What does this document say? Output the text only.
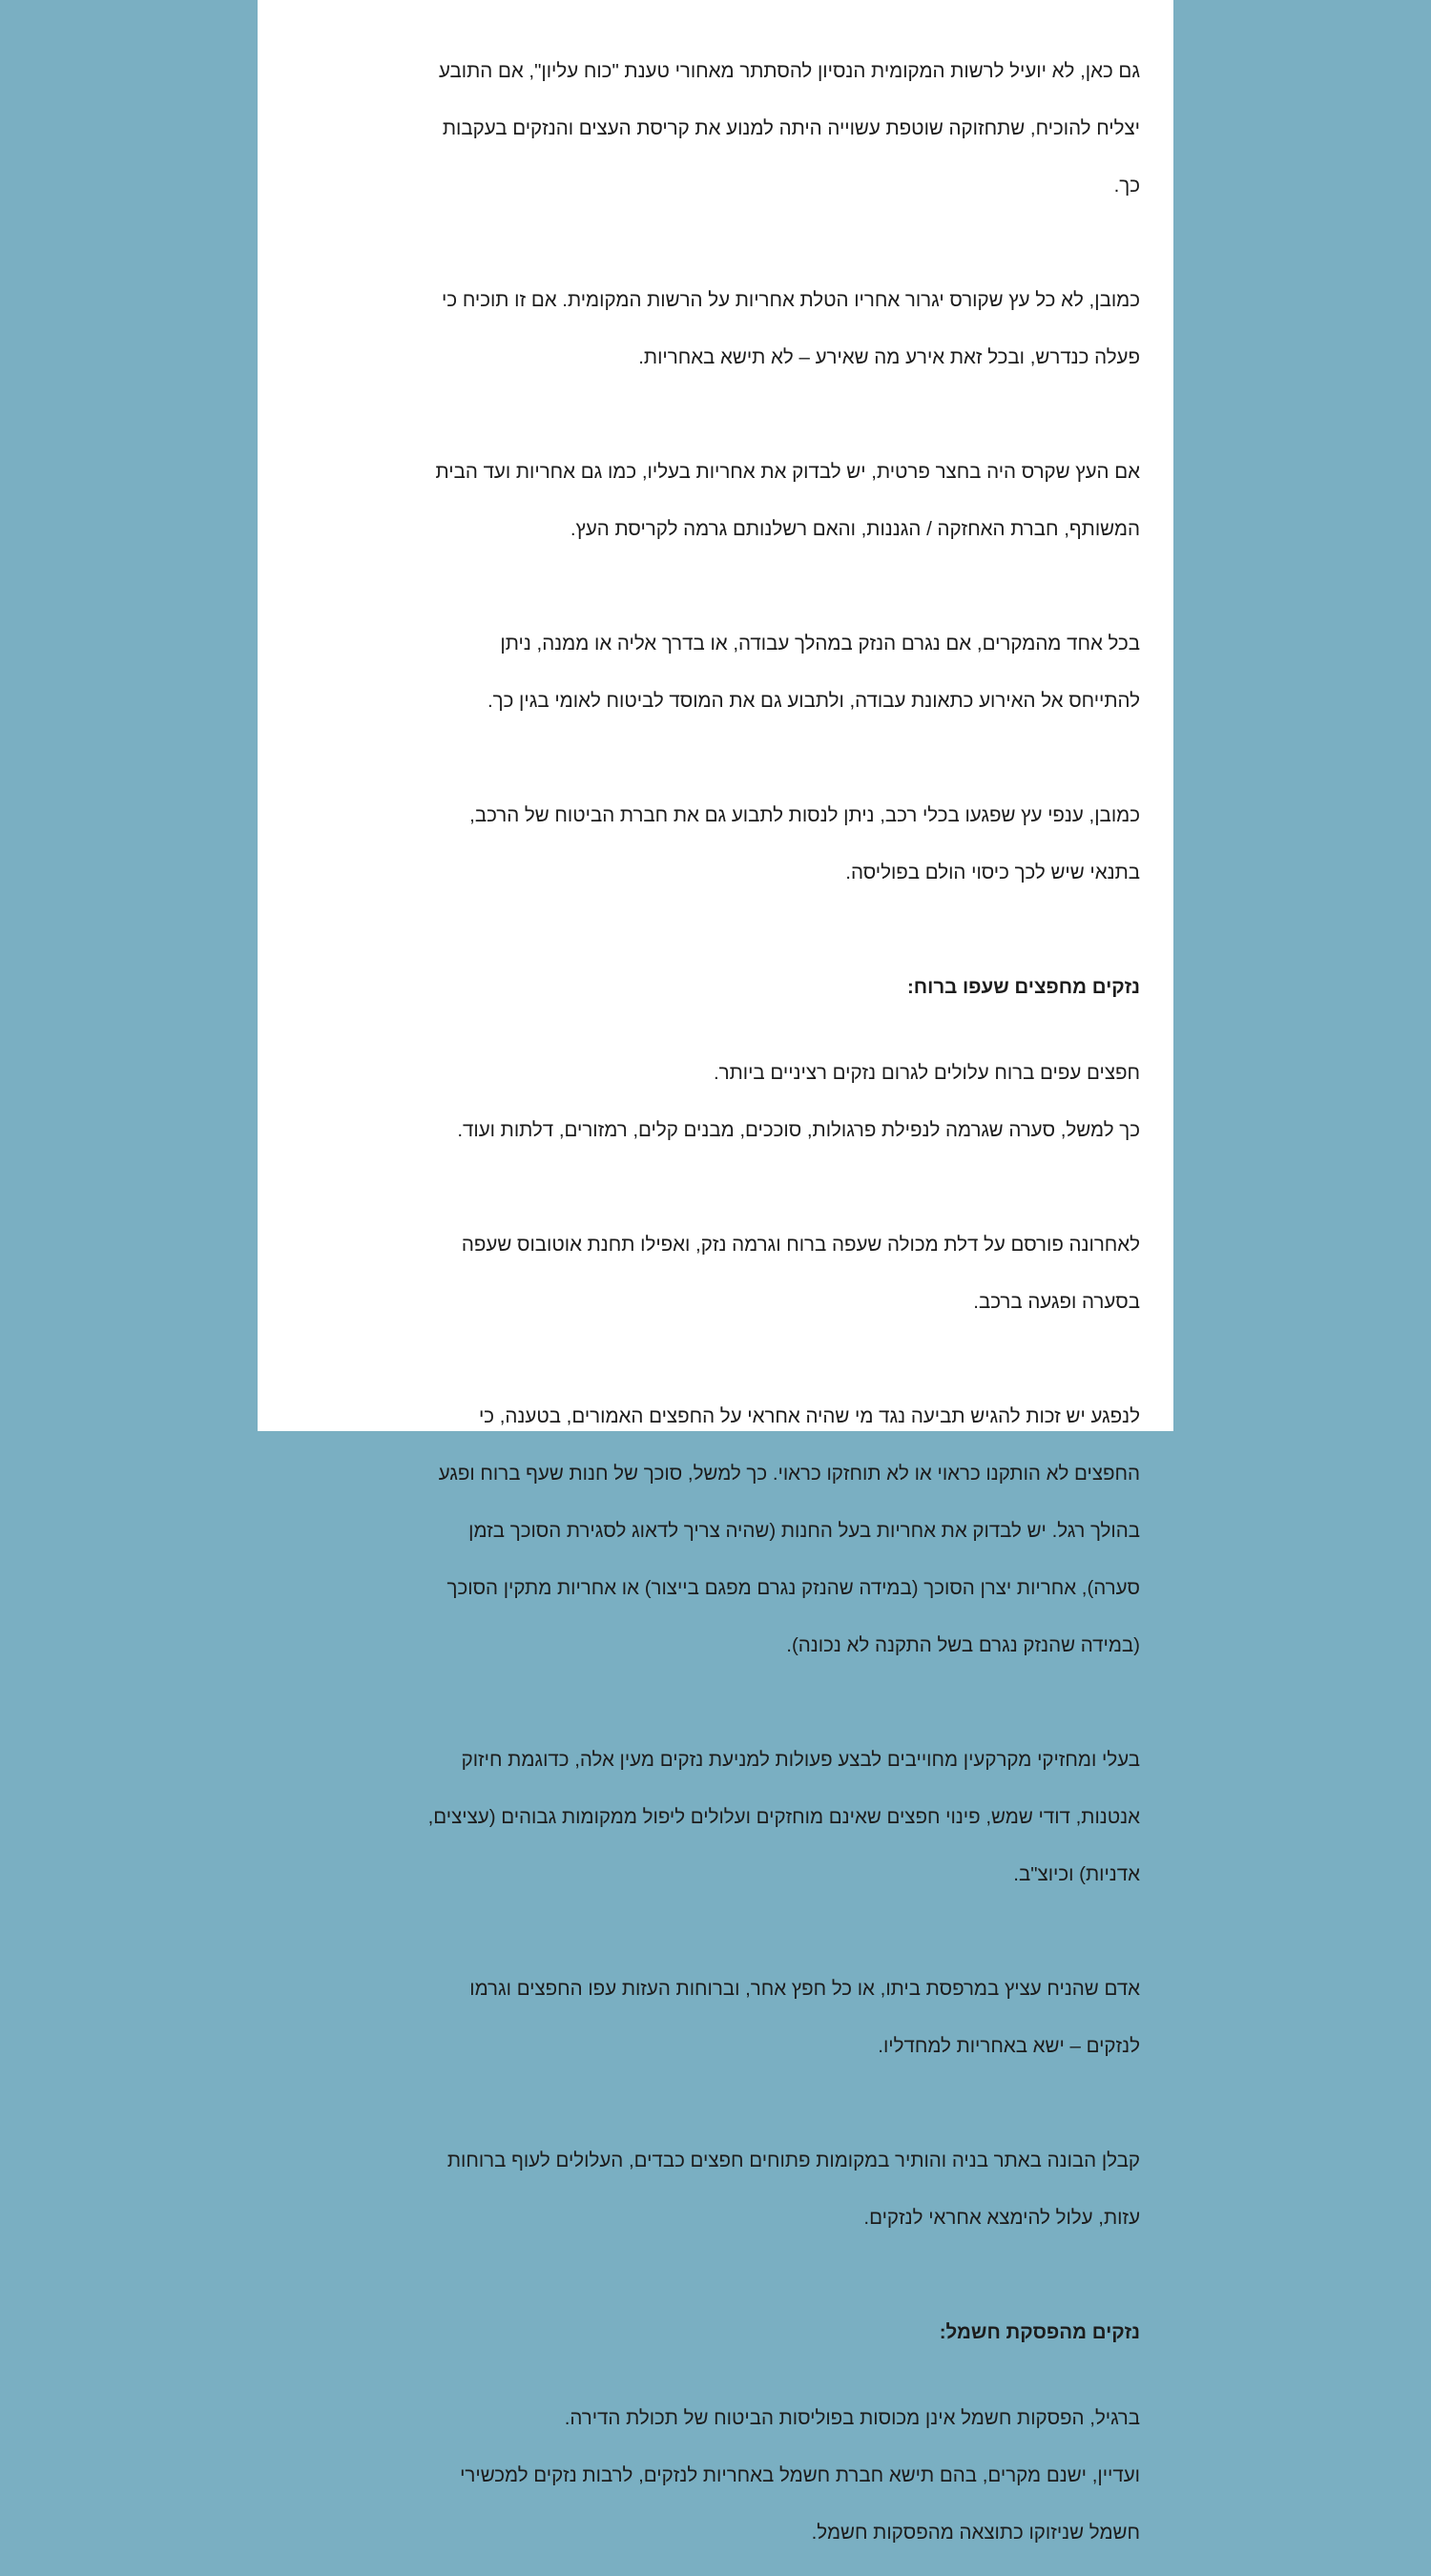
גם כאן, לא יועיל לרשות המקומית הנסיון להסתתר מאחורי טענת "כוח עליון", אם התובע

יצליח להוכיח, שתחזוקה שוטפת עשוייה היתה למנוע את קריסת העצים והנזקים בעקבות

כך.

כמובן, לא כל עץ שקורס יגרור אחריו הטלת אחריות על הרשות המקומית. אם זו תוכיח כי

פעלה כנדרש, ובכל זאת אירע מה שאירע – לא תישא באחריות.

אם העץ שקרס היה בחצר פרטית, יש לבדוק את אחריות בעליו, כמו גם אחריות ועד הבית

המשותף, חברת האחזקה / הגננות, והאם רשלנותם גרמה לקריסת העץ.

בכל אחד מהמקרים, אם נגרם הנזק במהלך עבודה, או בדרך אליה או ממנה, ניתן

להתייחס אל האירוע כתאונת עבודה, ולתבוע גם את המוסד לביטוח לאומי בגין כך.

כמובן, ענפי עץ שפגעו בכלי רכב, ניתן לנסות לתבוע גם את חברת הביטוח של הרכב,

בתנאי שיש לכך כיסוי הולם בפוליסה.

נזקים מחפצים שעפו ברוח:

חפצים עפים ברוח עלולים לגרום נזקים רציניים ביותר.

כך למשל, סערה שגרמה לנפילת פרגולות, סוככים, מבנים קלים, רמזורים, דלתות ועוד.

לאחרונה פורסם על דלת מכולה שעפה ברוח וגרמה נזק, ואפילו תחנת אוטובוס שעפה

בסערה ופגעה ברכב.

לנפגע יש זכות להגיש תביעה נגד מי שהיה אחראי על החפצים האמורים, בטענה, כי

החפצים לא הותקנו כראוי או לא תוחזקו כראוי. כך למשל, סוכך של חנות שעף ברוח ופגע

בהולך רגל. יש לבדוק את אחריות בעל החנות (שהיה צריך לדאוג לסגירת הסוכך בזמן

סערה), אחריות יצרן הסוכך (במידה שהנזק נגרם מפגם בייצור) או אחריות מתקין הסוכך

(במידה שהנזק נגרם בשל התקנה לא נכונה).

בעלי ומחזיקי מקרקעין מחוייבים לבצע פעולות למניעת נזקים מעין אלה, כדוגמת חיזוק

אנטנות, דודי שמש, פינוי חפצים שאינם מוחזקים ועלולים ליפול ממקומות גבוהים (עציצים,

אדניות) וכיוצ"ב.

אדם שהניח עציץ במרפסת ביתו, או כל חפץ אחר, וברוחות העזות עפו החפצים וגרמו

לנזקים – ישא באחריות למחדליו.

קבלן הבונה באתר בניה והותיר במקומות פתוחים חפצים כבדים, העלולים לעוף ברוחות

עזות, עלול להימצא אחראי לנזקים.

נזקים מהפסקת חשמל:

ברגיל, הפסקות חשמל אינן מכוסות בפוליסות הביטוח של תכולת הדירה.

ועדיין, ישנם מקרים, בהם תישא חברת חשמל באחריות לנזקים, לרבות נזקים למכשירי

חשמל שניזוקו כתוצאה מהפסקות חשמל.
